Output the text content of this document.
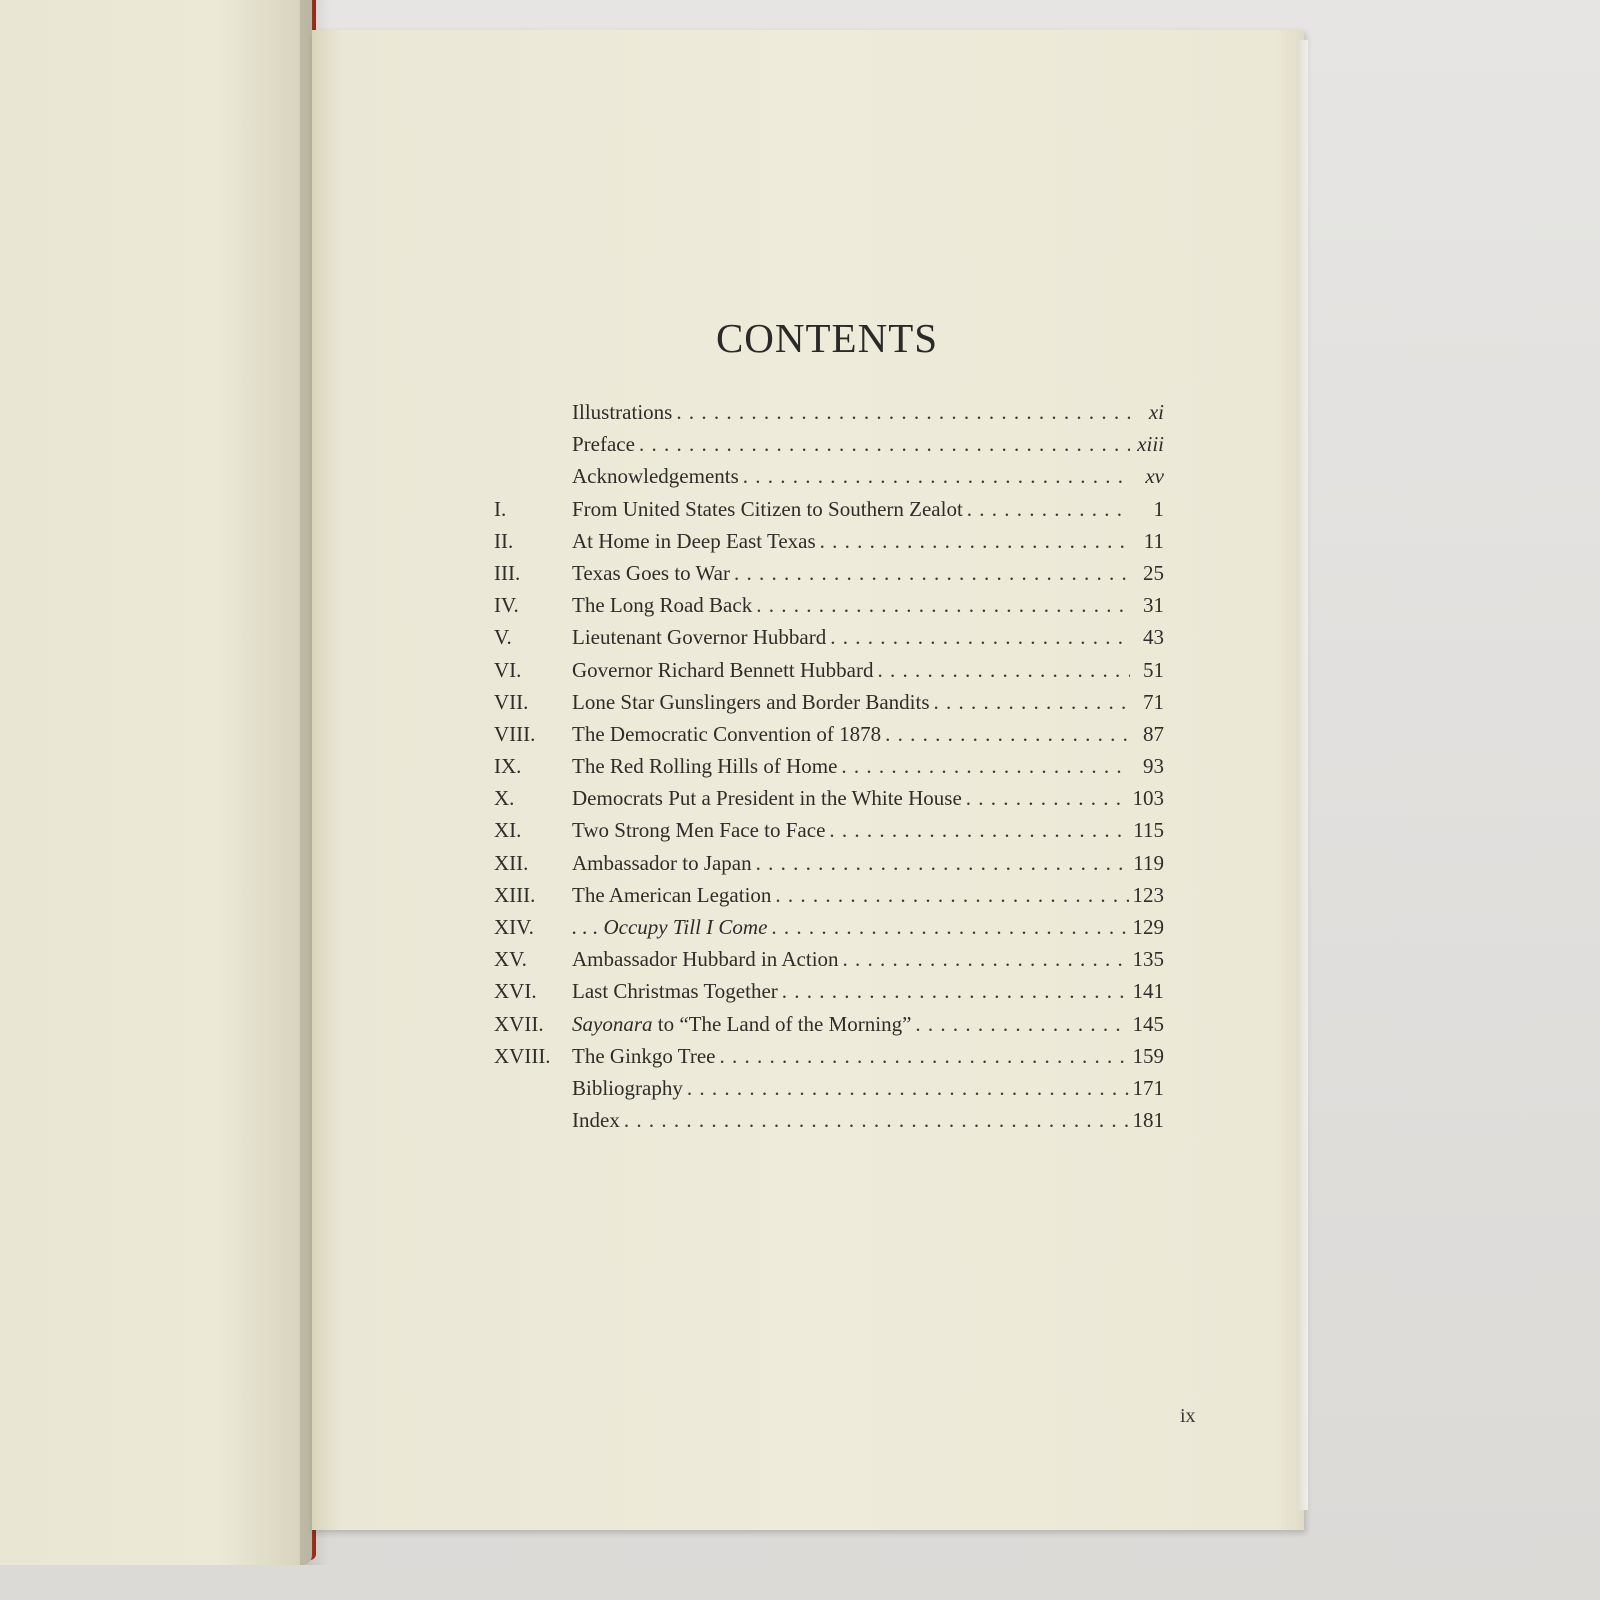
CONTENTS
Illustrations . . .	xi
Preface . . .	xiii
Acknowledgements . . .	xv
I.	From United States Citizen to Southern Zealot . . .	1
II.	At Home in Deep East Texas . . .	11
III.	Texas Goes to War . . .	25
IV.	The Long Road Back . . .	31
V.	Lieutenant Governor Hubbard . . .	43
VI.	Governor Richard Bennett Hubbard . . .	51
VII.	Lone Star Gunslingers and Border Bandits . . .	71
VIII.	The Democratic Convention of 1878 . . .	87
IX.	The Red Rolling Hills of Home . . .	93
X.	Democrats Put a President in the White House . . .	103
XI.	Two Strong Men Face to Face . . .	115
XII.	Ambassador to Japan . . .	119
XIII.	The American Legation . . .	123
XIV.	. . . Occupy Till I Come . . .	129
XV.	Ambassador Hubbard in Action . . .	135
XVI.	Last Christmas Together . . .	141
XVII.	Sayonara to “The Land of the Morning” . . .	145
XVIII.	The Ginkgo Tree . . .	159
Bibliography . . .	171
Index . . .	181
ix
